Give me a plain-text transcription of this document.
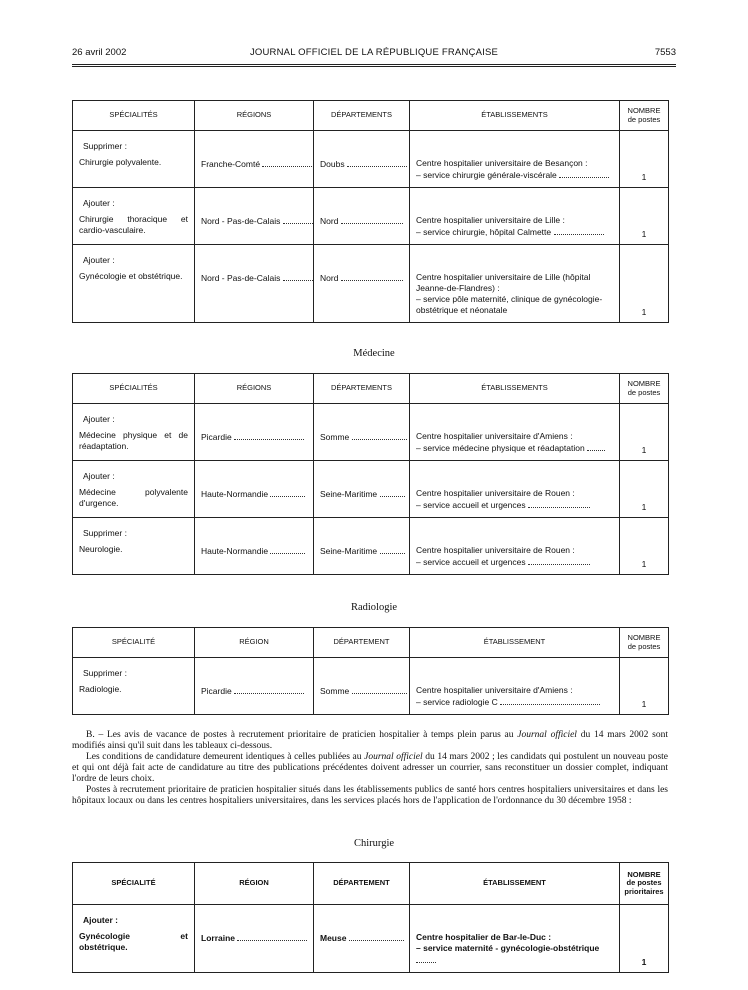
26 avril 2002	JOURNAL OFFICIEL DE LA RÉPUBLIQUE FRANÇAISE	7553
SPÉCIALITÉS	RÉGIONS	DÉPARTEMENTS	ÉTABLISSEMENTS	NOMBRE
de postes

Supprimer :
Chirurgie polyvalente.	Franche-Comté	Doubs	Centre hospitalier universitaire de Besançon :
– service chirurgie générale-viscérale	1

Ajouter :
Chirurgie thoracique et cardio-vasculaire.	Nord - Pas-de-Calais	Nord	Centre hospitalier universitaire de Lille :
– service chirurgie, hôpital Calmette	1

Ajouter :
Gynécologie et obstétrique.	Nord - Pas-de-Calais	Nord	Centre hospitalier universitaire de Lille (hôpital Jeanne-de-Flandres) :
– service pôle maternité, clinique de gynécologie-obstétrique et néonatale	1
Médecine
SPÉCIALITÉS	RÉGIONS	DÉPARTEMENTS	ÉTABLISSEMENTS	NOMBRE
de postes

Ajouter :
Médecine physique et de réadaptation.	Picardie	Somme	Centre hospitalier universitaire d'Amiens :
– service médecine physique et réadaptation	1

Ajouter :
Médecine polyvalente d'urgence.	Haute-Normandie	Seine-Maritime	Centre hospitalier universitaire de Rouen :
– service accueil et urgences	1

Supprimer :
Neurologie.	Haute-Normandie	Seine-Maritime	Centre hospitalier universitaire de Rouen :
– service accueil et urgences	1
Radiologie
SPÉCIALITÉ	RÉGION	DÉPARTEMENT	ÉTABLISSEMENT	NOMBRE
de postes

Supprimer :
Radiologie.	Picardie	Somme	Centre hospitalier universitaire d'Amiens :
– service radiologie C	1

B. – Les avis de vacance de postes à recrutement prioritaire de praticien hospitalier à temps plein parus au Journal officiel du 14 mars 2002 sont modifiés ainsi qu'il suit dans les tableaux ci-dessous.

Les conditions de candidature demeurent identiques à celles publiées au Journal officiel du 14 mars 2002 ; les candidats qui postulent un nouveau poste et qui ont déjà fait acte de candidature au titre des publications précédentes doivent adresser un courrier, sans reconstituer un dossier complet, indiquant l'ordre de leurs choix.

Postes à recrutement prioritaire de praticien hospitalier situés dans les établissements publics de santé hors centres hospitaliers universitaires et dans les hôpitaux locaux ou dans les centres hospitaliers universitaires, dans les services placés hors de l'application de l'ordonnance du 30 décembre 1958 :

Chirurgie
SPÉCIALITÉ	RÉGION	DÉPARTEMENT	ÉTABLISSEMENT	NOMBRE
de postes
prioritaires

Ajouter :
Gynécologie et obstétrique.	Lorraine	Meuse	Centre hospitalier de Bar-le-Duc :
– service maternité - gynécologie-obstétrique	1
